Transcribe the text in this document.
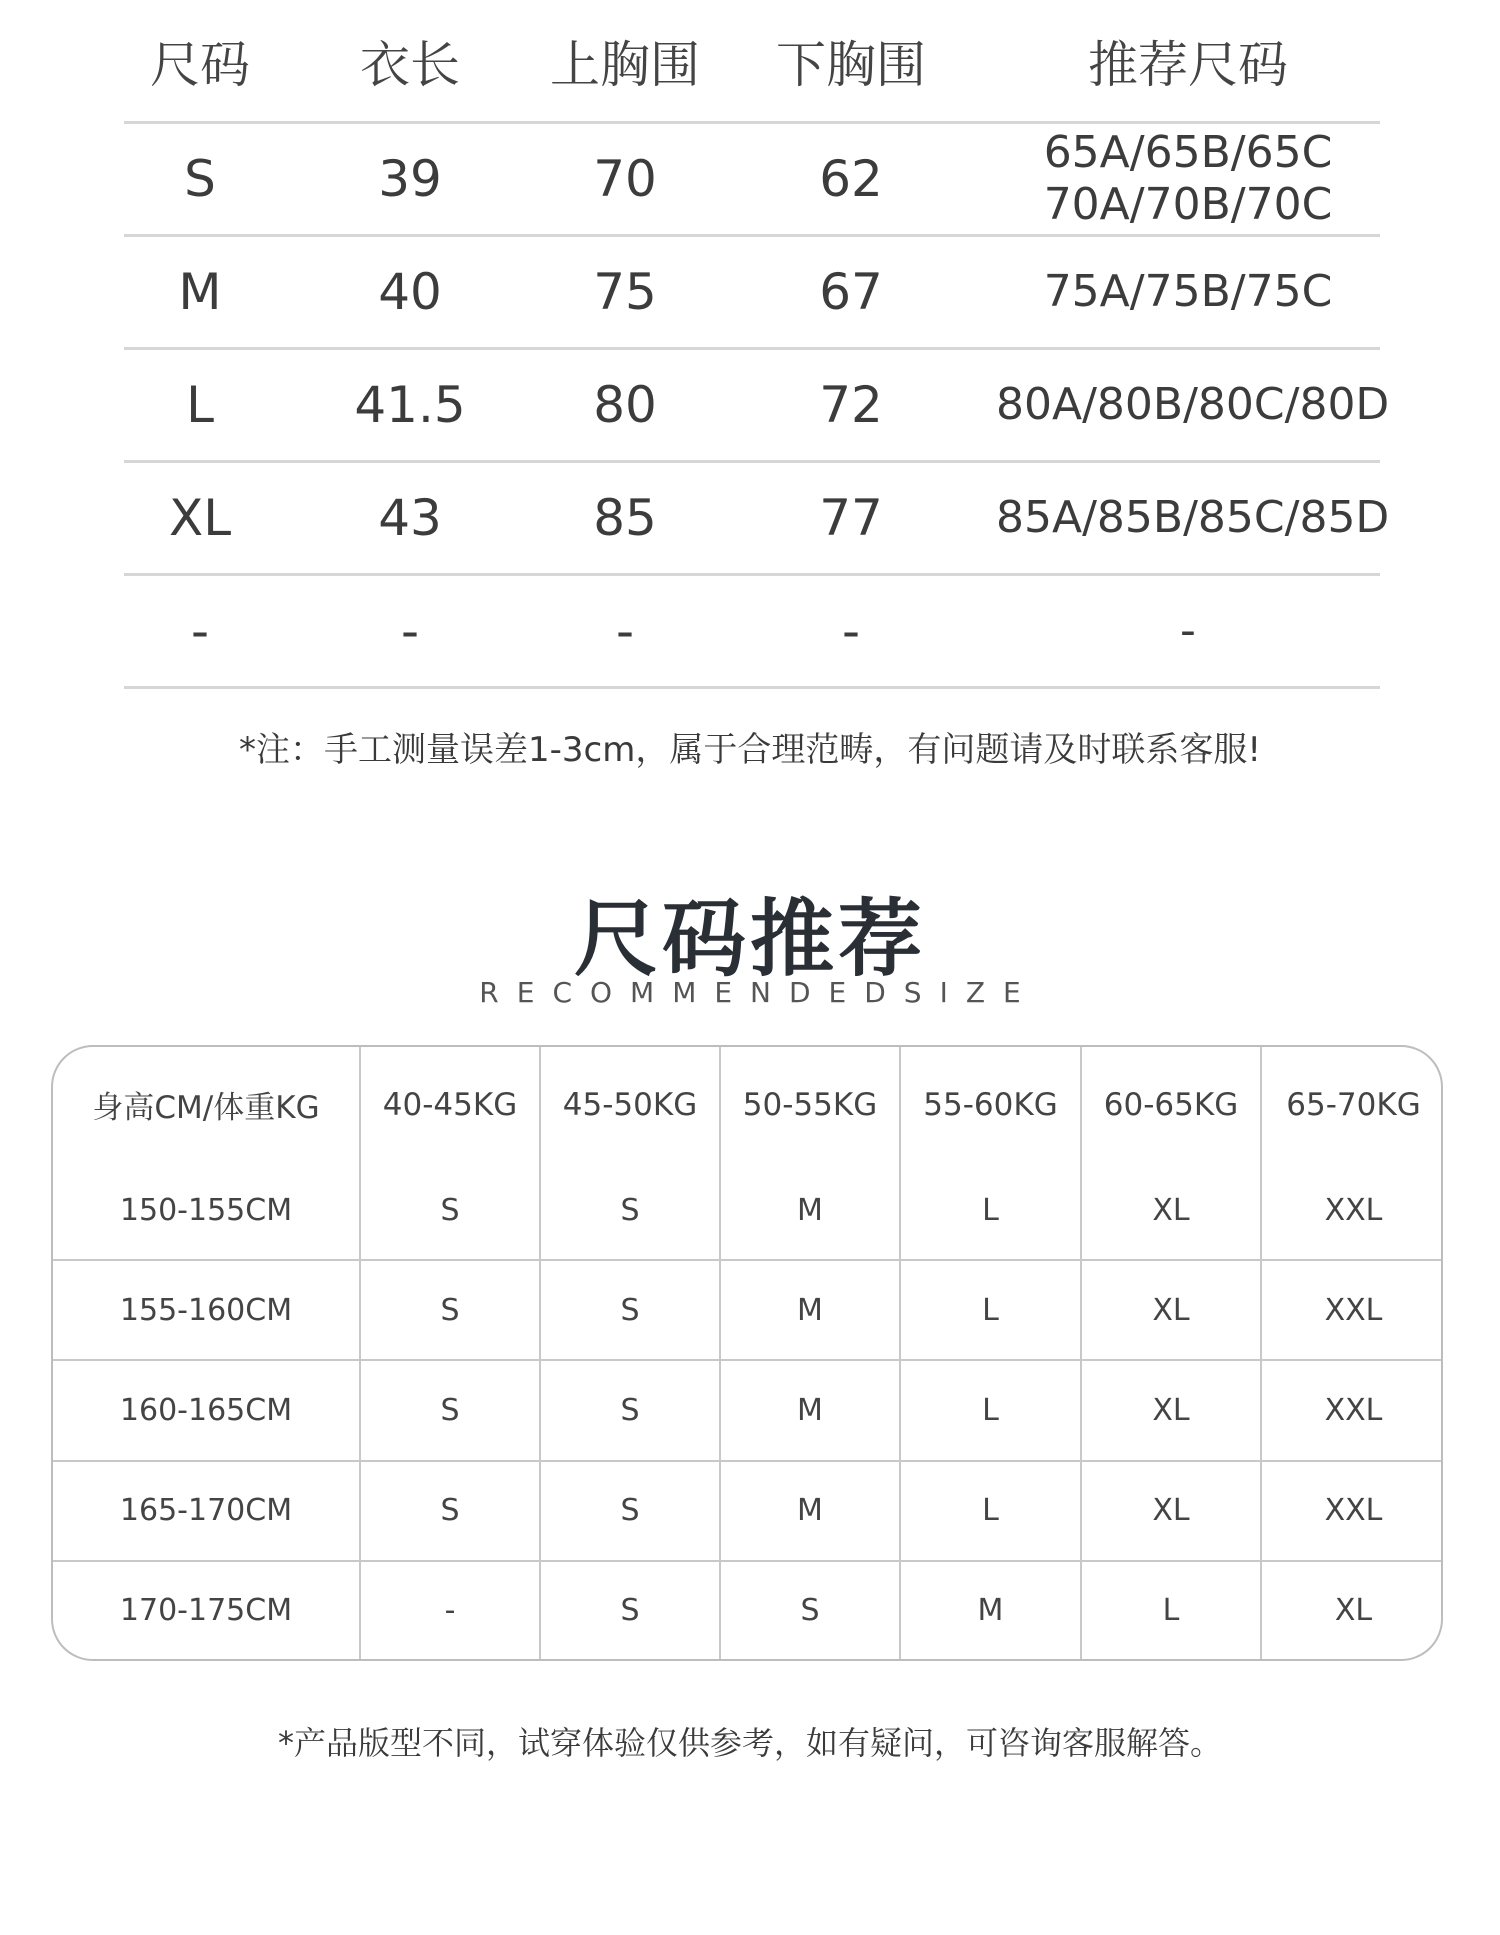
尺码	衣长	上胸围	下胸围	推荐尺码
S	39	70	62	65A/65B/65C
70A/70B/70C

M	40	75	67	75A/75B/75C

L	41.5	80	72	80A/80B/80C/80D

XL	43	85	77	85A/85B/85C/85D

-	-	-	-	-
*注：手工测量误差1-3cm，属于合理范畴，有问题请及时联系客服!
尺码推荐
RECOMMENDEDSIZE
身高CM/体重KG	40-45KG	45-50KG	50-55KG	55-60KG	60-65KG	65-70KG
150-155CM	S	S	M	L	XL	XXL
155-160CM	S	S	M	L	XL	XXL
160-165CM	S	S	M	L	XL	XXL
165-170CM	S	S	M	L	XL	XXL
170-175CM	-	S	S	M	L	XL
*产品版型不同，试穿体验仅供参考，如有疑问，可咨询客服解答。
